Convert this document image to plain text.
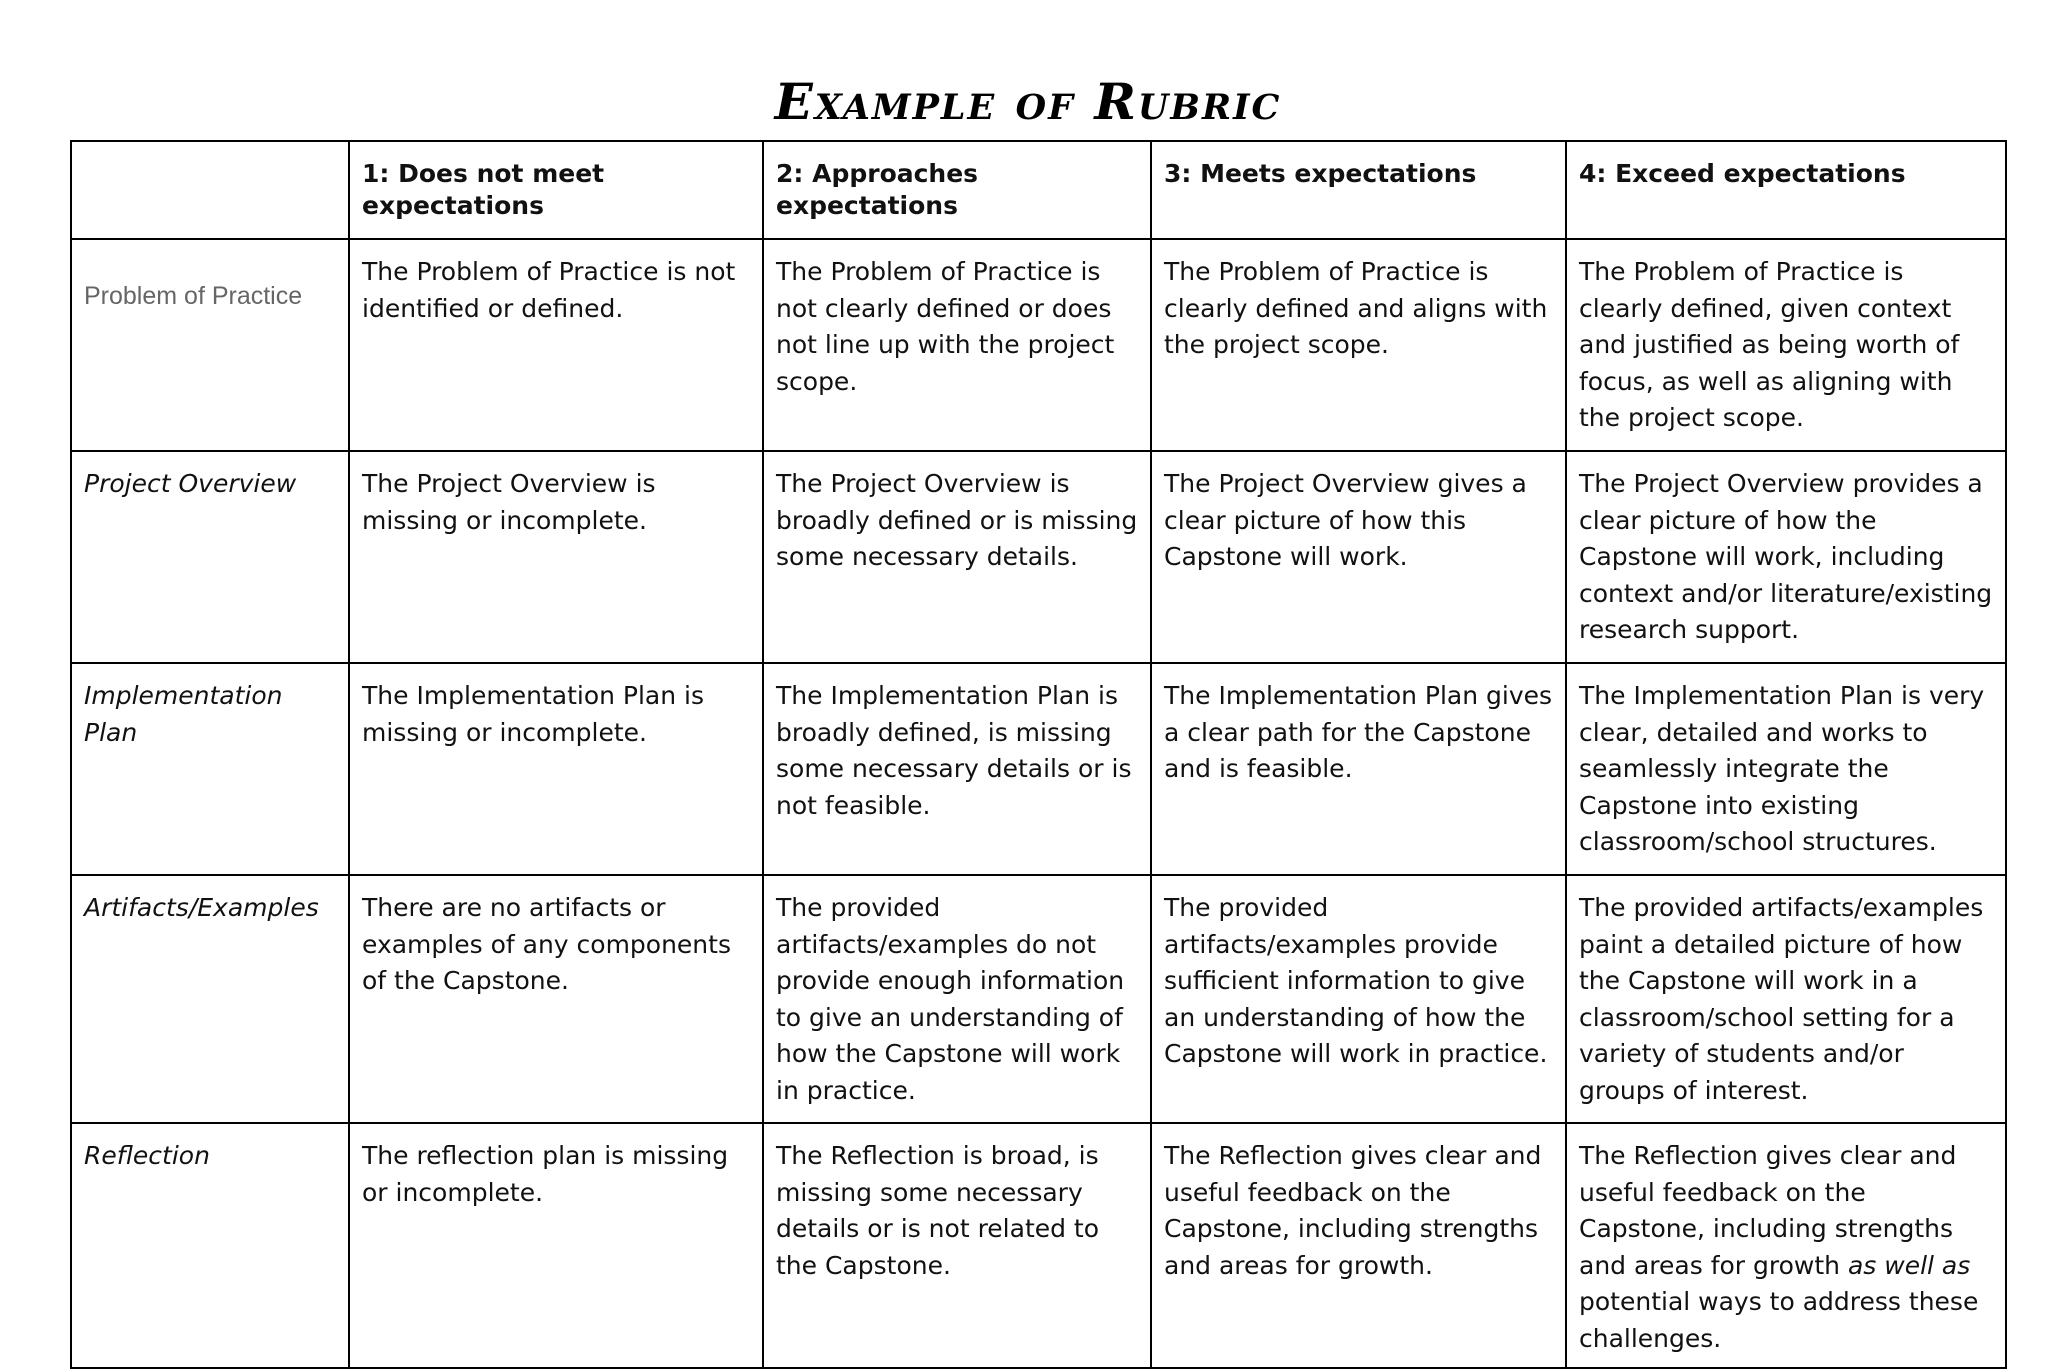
Example of Rubric
	1: Does not meet expectations	2: Approaches expectations	3: Meets expectations	4: Exceed expectations
Problem of Practice	The Problem of Practice is not identified or defined.	The Problem of Practice is not clearly defined or does not line up with the project scope.	The Problem of Practice is clearly defined and aligns with the project scope.	The Problem of Practice is clearly defined, given context and justified as being worth of focus, as well as aligning with the project scope.
Project Overview	The Project Overview is missing or incomplete.	The Project Overview is broadly defined or is missing some necessary details.	The Project Overview gives a clear picture of how this Capstone will work.	The Project Overview provides a clear picture of how the Capstone will work, including context and/or literature/existing research support.
Implementation Plan	The Implementation Plan is missing or incomplete.	The Implementation Plan is broadly defined, is missing some necessary details or is not feasible.	The Implementation Plan gives a clear path for the Capstone and is feasible.	The Implementation Plan is very clear, detailed and works to seamlessly integrate the Capstone into existing classroom/school structures.
Artifacts/Examples	There are no artifacts or examples of any components of the Capstone.	The provided artifacts/examples do not provide enough information to give an understanding of how the Capstone will work in practice.	The provided artifacts/examples provide sufficient information to give an understanding of how the Capstone will work in practice.	The provided artifacts/examples paint a detailed picture of how the Capstone will work in a classroom/school setting for a variety of students and/or groups of interest.
Reflection	The reflection plan is missing or incomplete.	The Reflection is broad, is missing some necessary details or is not related to the Capstone.	The Reflection gives clear and useful feedback on the Capstone, including strengths and areas for growth.	The Reflection gives clear and useful feedback on the Capstone, including strengths and areas for growth as well as potential ways to address these challenges.
